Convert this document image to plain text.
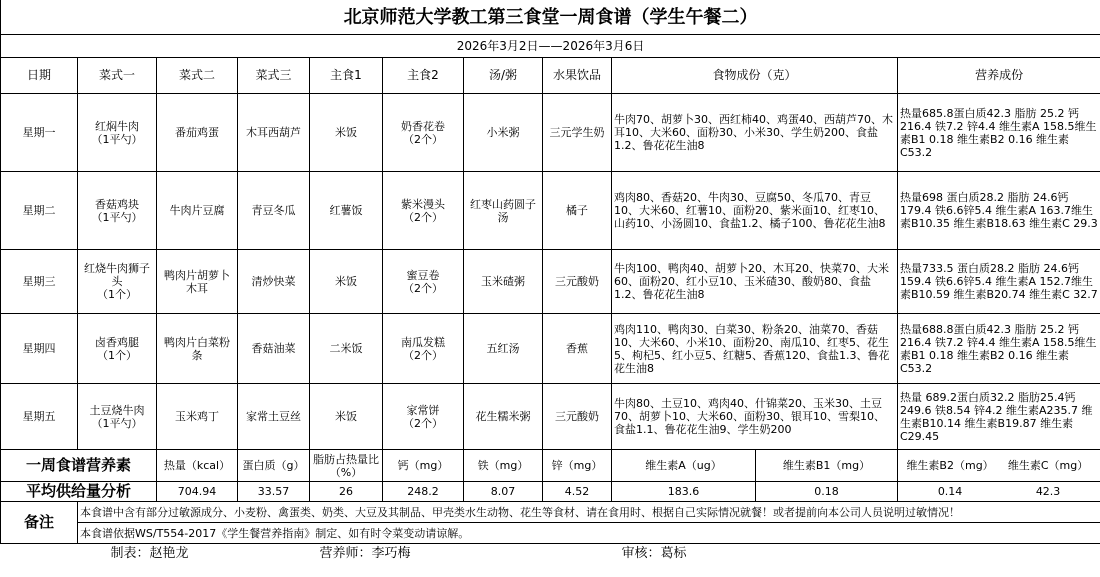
北京师范大学教工第三食堂一周食谱（学生午餐二）										
2026年3月2日——2026年3月6日										
日期	菜式一	菜式二	菜式三	主食1	主食2	汤/粥	水果饮品	食物成份（克）		营养成份
星期一	红焖牛肉
（1平勺）	番茄鸡蛋	木耳西葫芦	米饭	奶香花卷
（2个）	小米粥	三元学生奶	牛肉70、胡萝卜30、西红柿40、鸡蛋40、西葫芦70、木耳10、大米60、面粉30、小米30、学生奶200、食盐1.2、鲁花花生油8		热量685.8蛋白质42.3 脂肪 25.2 钙216.4 铁7.2 锌4.4 维生素A 158.5维生素B1 0.18 维生素B2 0.16 维生素C53.2
星期二	香菇鸡块
（1平勺）	牛肉片豆腐	青豆冬瓜	红薯饭	紫米漫头
（2个）	红枣山药圆子汤	橘子	鸡肉80、香菇20、牛肉30、豆腐50、冬瓜70、青豆10、大米60、红薯10、面粉20、紫米面10、红枣10、山药10、小汤圆10、食盐1.2、橘子100、鲁花花生油8		热量698 蛋白质28.2 脂肪 24.6钙179.4 铁6.6锌5.4 维生素A 163.7维生素B10.35 维生素B18.63 维生素C 29.3
星期三	红烧牛肉狮子头
（1个）	鸭肉片胡萝卜木耳	清炒快菜	米饭	蜜豆卷
（2个）	玉米碴粥	三元酸奶	牛肉100、鸭肉40、胡萝卜20、木耳20、快菜70、大米60、面粉20、红小豆10、玉米碴30、酸奶80、食盐1.2、鲁花花生油8		热量733.5 蛋白质28.2 脂肪 24.6钙159.4 铁6.6锌5.4 维生素A 152.7维生素B10.59 维生素B20.74 维生素C 32.7
星期四	卤香鸡腿
（1个）	鸭肉片白菜粉条	香菇油菜	二米饭	南瓜发糕
（2个）	五红汤	香蕉	鸡肉110、鸭肉30、白菜30、粉条20、油菜70、香菇10、大米60、小米10、面粉20、南瓜10、红枣5、花生5、枸杞5、红小豆5、红糖5、香蕉120、食盐1.3、鲁花花生油8		热量688.8蛋白质42.3 脂肪 25.2 钙216.4 铁7.2 锌4.4 维生素A 158.5维生素B1 0.18 维生素B2 0.16 维生素C53.2
星期五	土豆烧牛肉
（1平勺）	玉米鸡丁	家常土豆丝	米饭	家常饼
（2个）	花生糯米粥	三元酸奶	牛肉80、土豆10、鸡肉40、什锦菜20、玉米30、土豆70、胡萝卜10、大米60、面粉30、银耳10、雪梨10、食盐1.1、鲁花花生油9、学生奶200		热量 689.2蛋白质32.2 脂肪25.4钙249.6 铁8.54 锌4.2 维生素A235.7 维生素B10.14 维生素B19.87 维生素C29.45
一周食谱营养素		热量（kcal）	蛋白质（g）	脂肪占热量比（%）	钙（mg）	铁（mg）	锌（mg）	维生素A（ug）	维生素B1（mg）	维生素B2（mg） 维生素C（mg）
平均供给量分析		704.94	33.57	26	248.2	8.07	4.52	183.6	0.18	0.14 42.3
备注	本食谱中含有部分过敏源成分、小麦粉、禽蛋类、奶类、大豆及其制品、甲壳类水生动物、花生等食材、请在食用时、根据自己实际情况就餐！或者提前向本公司人员说明过敏情况！									
	本食谱依据WS/T554-2017《学生餐营养指南》制定、如有时令菜变动请谅解。									
制表：赵艳龙				营养师：李巧梅				审核：葛标		
